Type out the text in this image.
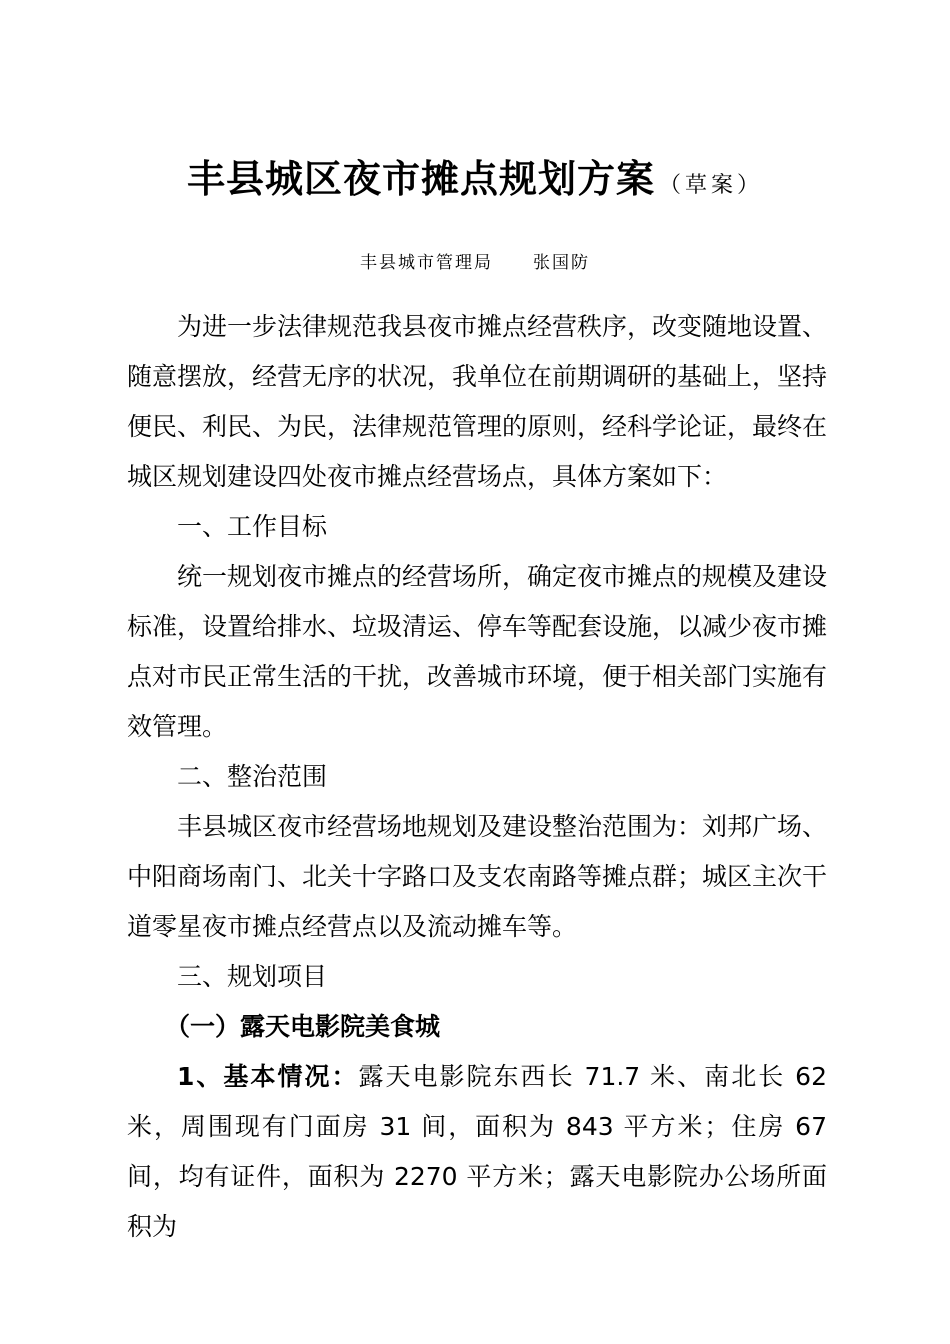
丰县城区夜市摊点规划方案 （草案）
丰县城市管理局 张国防

为进一步法律规范我县夜市摊点经营秩序，改变随地设置、随意摆放，经营无序的状况，我单位在前期调研的基础上，坚持便民、利民、为民，法律规范管理的原则，经科学论证，最终在城区规划建设四处夜市摊点经营场点，具体方案如下：

一、工作目标

统一规划夜市摊点的经营场所，确定夜市摊点的规模及建设标准，设置给排水、垃圾清运、停车等配套设施，以减少夜市摊点对市民正常生活的干扰，改善城市环境，便于相关部门实施有效管理。

二、整治范围

丰县城区夜市经营场地规划及建设整治范围为：刘邦广场、中阳商场南门、北关十字路口及支农南路等摊点群；城区主次干道零星夜市摊点经营点以及流动摊车等。

三、规划项目

（一）露天电影院美食城

1、基本情况：露天电影院东西长 71.7 米、南北长 62 米，周围现有门面房 31 间，面积为 843 平方米；住房 67 间，均有证件，面积为 2270 平方米；露天电影院办公场所面积为
